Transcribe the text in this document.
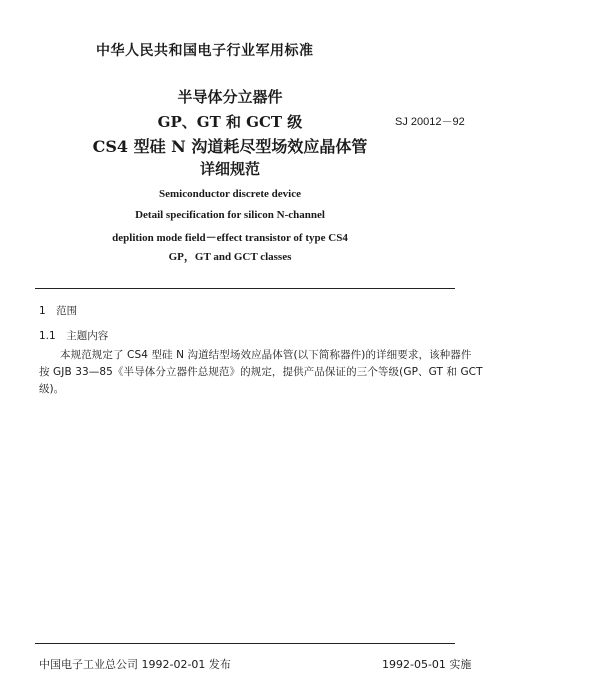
中华人民共和国电子行业军用标准
半导体分立器件
GP、GT 和 GCT 级
CS4 型硅 N 沟道耗尽型场效应晶体管
详细规范
SJ 20012－92
Semiconductor discrete device
Detail specification for silicon N-channel
deplition mode field－effect transistor of type CS4
GP，GT and GCT classes
1　范围
1.1　主题内容
本规范规定了 CS4 型硅 N 沟道结型场效应晶体管(以下简称器件)的详细要求，该种器件
按 GJB 33—85《半导体分立器件总规范》的规定，提供产品保证的三个等级(GP、GT 和 GCT
级)。
中国电子工业总公司 1992-02-01 发布	1992-05-01 实施
